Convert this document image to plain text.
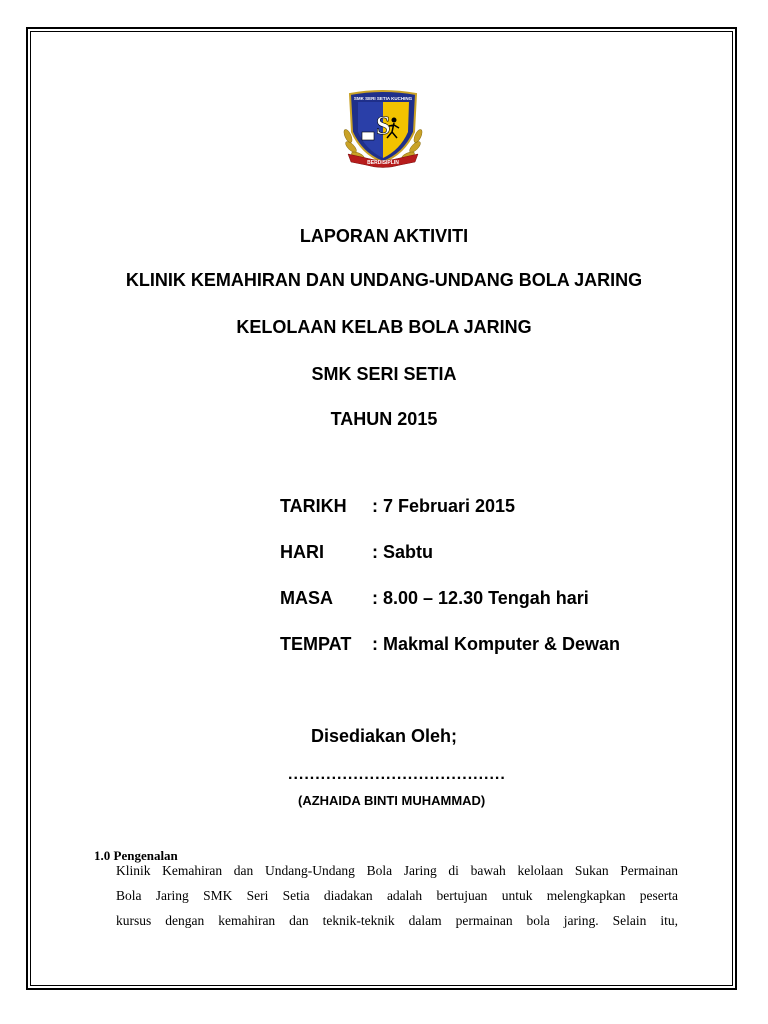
S
SMK SERI SETIA KUCHING
BERDISIPLIN
LAPORAN AKTIVITI
KLINIK KEMAHIRAN DAN UNDANG-UNDANG BOLA JARING
KELOLAAN KELAB BOLA JARING
SMK SERI SETIA
TAHUN 2015
TARIKH : 7 Februari 2015
HARI	: Sabtu
MASA : 8.00 – 12.30 Tengah hari
TEMPAT : Makmal Komputer & Dewan
Disediakan Oleh;
........................................
(AZHAIDA BINTI MUHAMMAD)
1.0 Pengenalan
Klinik Kemahiran dan Undang-Undang Bola Jaring di bawah kelolaan Sukan Permainan
Bola Jaring SMK Seri Setia diadakan adalah bertujuan untuk melengkapkan peserta
kursus dengan kemahiran dan teknik-teknik dalam permainan bola jaring. Selain itu,
